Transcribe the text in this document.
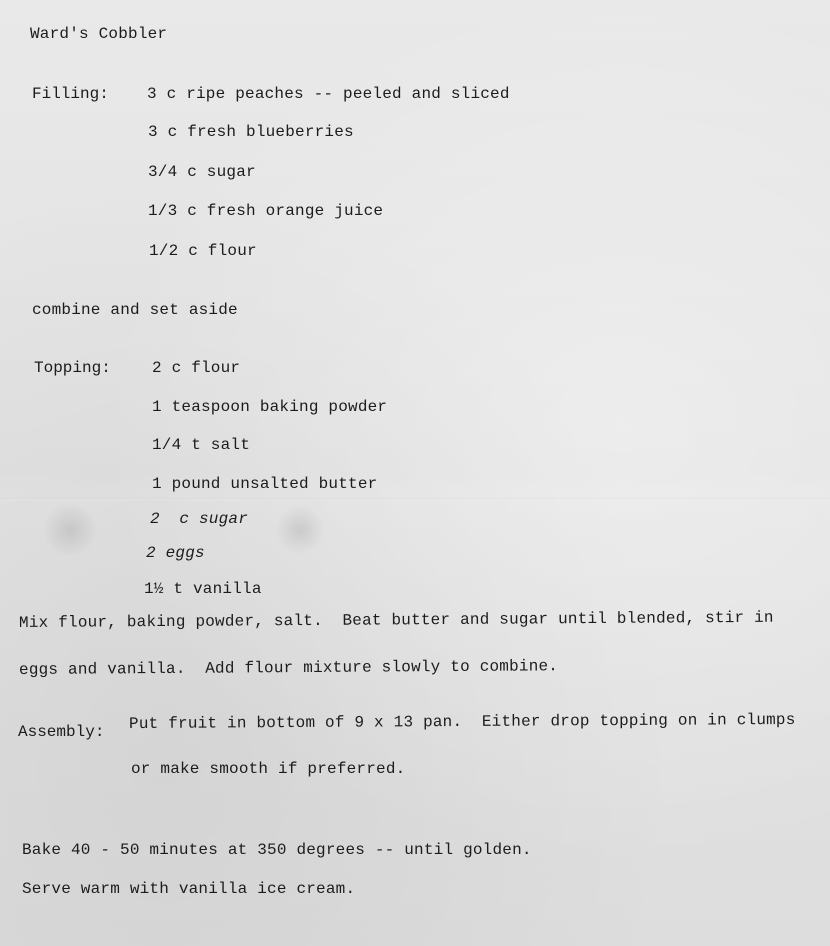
Ward's Cobbler
Filling: 3 c ripe peaches -- peeled and sliced
3 c fresh blueberries
3/4 c sugar
1/3 c fresh orange juice
1/2 c flour
combine and set aside
Topping:	2 c flour
1 teaspoon baking powder
1/4 t salt
1 pound unsalted butter
2  c sugar
2 eggs
1½ t vanilla
Mix flour, baking powder, salt.  Beat butter and sugar until blended, stir in
eggs and vanilla.  Add flour mixture slowly to combine.
Assembly: Put fruit in bottom of 9 x 13 pan.  Either drop topping on in clumps
or make smooth if preferred.
Bake 40 - 50 minutes at 350 degrees -- until golden.
Serve warm with vanilla ice cream.
